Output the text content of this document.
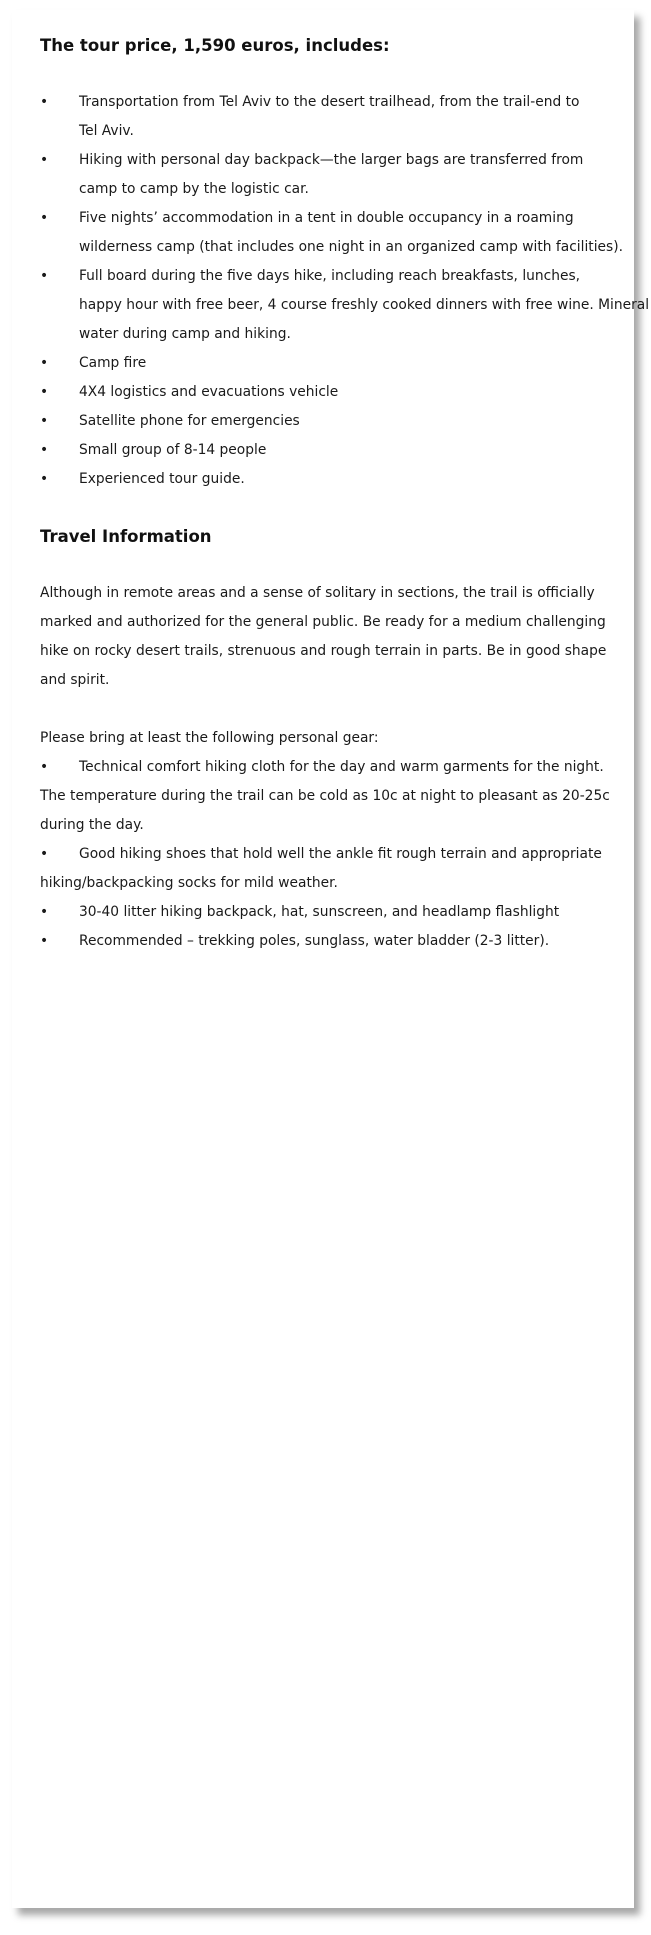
The tour price, 1,590 euros, includes:
• Transportation from Tel Aviv to the desert trailhead, from the trail-end to
Tel Aviv.
• Hiking with personal day backpack—the larger bags are transferred from
camp to camp by the logistic car.
• Five nights’ accommodation in a tent in double occupancy in a roaming
wilderness camp (that includes one night in an organized camp with facilities).
• Full board during the five days hike, including reach breakfasts, lunches,
happy hour with free beer, 4 course freshly cooked dinners with free wine. Mineral
water during camp and hiking.
• Camp fire
• 4X4 logistics and evacuations vehicle
• Satellite phone for emergencies
• Small group of 8-14 people
• Experienced tour guide.
Travel Information
Although in remote areas and a sense of solitary in sections, the trail is officially
marked and authorized for the general public. Be ready for a medium challenging
hike on rocky desert trails, strenuous and rough terrain in parts. Be in good shape
and spirit.
Please bring at least the following personal gear:
• Technical comfort hiking cloth for the day and warm garments for the night.
The temperature during the trail can be cold as 10c at night to pleasant as 20-25c
during the day.
• Good hiking shoes that hold well the ankle fit rough terrain and appropriate
hiking/backpacking socks for mild weather.
• 30-40 litter hiking backpack, hat, sunscreen, and headlamp flashlight
• Recommended – trekking poles, sunglass, water bladder (2-3 litter).
